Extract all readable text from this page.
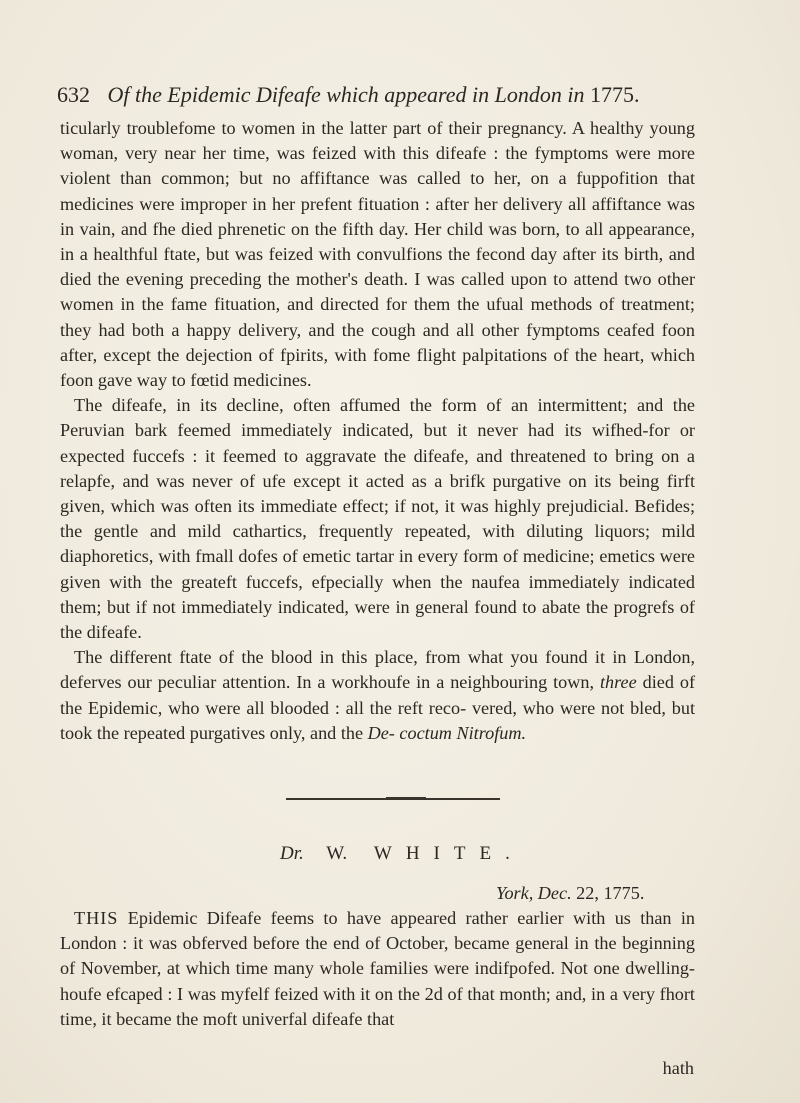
632 Of the Epidemic Difeafe which appeared in London in 1775.

ticularly troublefome to women in the latter part of their pregnancy. A healthy young woman, very near her time, was feized with this difeafe : the fymptoms were more violent than common; but no affiftance was called to her, on a fuppofition that medicines were improper in her prefent fituation : after her delivery all affiftance was in vain, and fhe died phrenetic on the fifth day. Her child was born, to all appearance, in a healthful ftate, but was feized with convulfions the fecond day after its birth, and died the evening preceding the mother's death. I was called upon to attend two other women in the fame fituation, and directed for them the ufual methods of treatment; they had both a happy delivery, and the cough and all other fymptoms ceafed foon after, except the dejection of fpirits, with fome flight palpitations of the heart, which foon gave way to fœtid medicines.

The difeafe, in its decline, often affumed the form of an intermittent; and the Peruvian bark feemed immediately indicated, but it never had its wifhed-for or expected fuccefs : it feemed to aggravate the difeafe, and threatened to bring on a relapfe, and was never of ufe except it acted as a brifk purgative on its being firft given, which was often its immediate effect; if not, it was highly prejudicial. Befides; the gentle and mild cathartics, frequently repeated, with diluting liquors; mild diaphoretics, with fmall dofes of emetic tartar in every form of medicine; emetics were given with the greateft fuccefs, efpecially when the naufea immediately indicated them; but if not immediately indicated, were in general found to abate the progrefs of the difeafe.

The different ftate of the blood in this place, from what you found it in London, deferves our peculiar attention. In a workhoufe in a neighbouring town, three died of the Epidemic, who were all blooded : all the reft reco- vered, who were not bled, but took the repeated purgatives only, and the De- coctum Nitrofum.

Dr. W. WHITE.
York, Dec. 22, 1775.

THIS Epidemic Difeafe feems to have appeared rather earlier with us than in London : it was obferved before the end of October, became general in the beginning of November, at which time many whole families were indifpofed. Not one dwelling-houfe efcaped : I was myfelf feized with it on the 2d of that month; and, in a very fhort time, it became the moft univerfal difeafe that

hath
